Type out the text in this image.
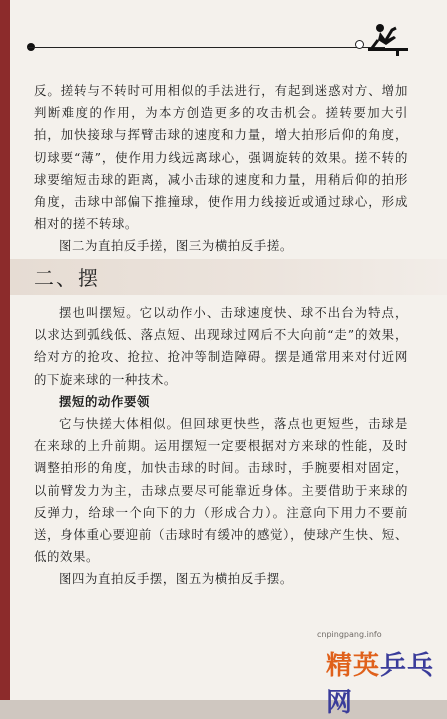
反。搓转与不转时可用相似的手法进行，有起到迷惑对方、增加判断难度的作用，为本方创造更多的攻击机会。搓转要加大引拍，加快接球与挥臂击球的速度和力量，增大拍形后仰的角度，切球要“薄”，使作用力线远离球心，强调旋转的效果。搓不转的球要缩短击球的距离，减小击球的速度和力量，用稍后仰的拍形角度，击球中部偏下推撞球，使作用力线接近或通过球心，形成相对的搓不转球。

图二为直拍反手搓，图三为横拍反手搓。

二、摆

摆也叫摆短。它以动作小、击球速度快、球不出台为特点，以求达到弧线低、落点短、出现球过网后不大向前“走”的效果，给对方的抢攻、抢拉、抢冲等制造障碍。摆是通常用来对付近网的下旋来球的一种技术。

摆短的动作要领

它与快搓大体相似。但回球更快些，落点也更短些，击球是在来球的上升前期。运用摆短一定要根据对方来球的性能，及时调整拍形的角度，加快击球的时间。击球时，手腕要相对固定，以前臂发力为主，击球点要尽可能靠近身体。主要借助于来球的反弹力，给球一个向下的力（形成合力）。注意向下用力不要前送，身体重心要迎前（击球时有缓冲的感觉），使球产生快、短、低的效果。

图四为直拍反手摆，图五为横拍反手摆。

cnpingpang.info
精英乒乓网
